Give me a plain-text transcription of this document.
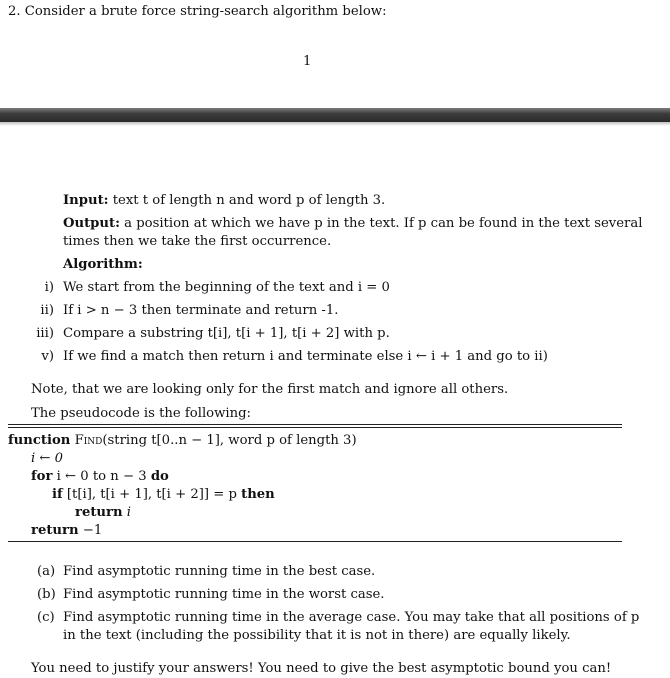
2. Consider a brute force string-search algorithm below:
1
Input: text t of length n and word p of length 3.
Output: a position at which we have p in the text. If p can be found in the text several
times then we take the first occurrence.
Algorithm:
i) We start from the beginning of the text and i = 0
ii) If i > n − 3 then terminate and return -1.
iii) Compare a substring t[i], t[i + 1], t[i + 2] with p.
v) If we find a match then return i and terminate else i ← i + 1 and go to ii)
Note, that we are looking only for the first match and ignore all others.
The pseudocode is the following:
function Find(string t[0..n − 1], word p of length 3)
i ← 0
for i ← 0 to n − 3 do
if [t[i], t[i + 1], t[i + 2]] = p then
return i
return −1
(a) Find asymptotic running time in the best case.
(b) Find asymptotic running time in the worst case.
(c) Find asymptotic running time in the average case. You may take that all positions of p
in the text (including the possibility that it is not in there) are equally likely.
You need to justify your answers! You need to give the best asymptotic bound you can!
